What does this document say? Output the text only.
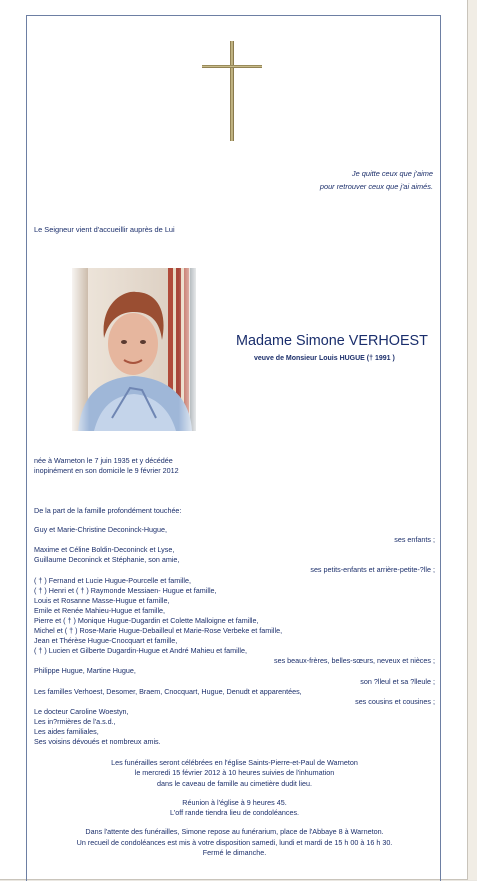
Je quitte ceux que j'aime
pour retrouver ceux que j'ai aimés.
Le Seigneur vient d'accueillir auprès de Lui
Madame Simone VERHOEST
veuve de Monsieur Louis HUGUE († 1991 )
née à Warneton le 7 juin 1935 et y décédée
inopinément en son domicile le 9 février 2012
De la part de la famille profondément touchée:
Guy et Marie-Christine Deconinck-Hugue,
ses enfants ;
Maxime et Céline Boldin-Deconinck et Lyse,
Guillaume Deconinck et Stéphanie, son amie,
ses petits-enfants et arrière-petite-?lle ;
( † ) Fernand et Lucie Hugue-Pourcelle et famille,
( † ) Henri et ( † ) Raymonde Messiaen- Hugue et famille,
Louis et Rosanne Masse-Hugue et famille,
Emile et Renée Mahieu-Hugue et famille,
Pierre et ( † ) Monique Hugue-Dugardin et Colette Malloigne et famille,
Michel et ( † ) Rose-Marie Hugue-Debailleul et Marie-Rose Verbeke et famille,
Jean et Thérèse Hugue-Cnocquart et famille,
( † ) Lucien et Gilberte Dugardin-Hugue et André Mahieu et famille,
ses beaux-frères, belles-sœurs, neveux et nièces ;
Philippe Hugue, Martine Hugue,
son ?lleul et sa ?lleule ;
Les familles Verhoest, Desomer, Braem, Cnocquart, Hugue, Denudt et apparentées,
ses cousins et cousines ;
Le docteur Caroline Woestyn,
Les in?rmières de l'a.s.d.,
Les aides familiales,
Ses voisins dévoués et nombreux amis.
Les funérailles seront célébrées en l'église Saints-Pierre-et-Paul de Warneton
le mercredi 15 février 2012 à 10 heures suivies de l'inhumation
dans le caveau de famille au cimetière dudit lieu.
Réunion à l'église à 9 heures 45.
L'off rande tiendra lieu de condoléances.
Dans l'attente des funérailles, Simone repose au funérarium, place de l'Abbaye 8 à Warneton.
Un recueil de condoléances est mis à votre disposition samedi, lundi et mardi de 15 h 00 à 16 h 30.
Fermé le dimanche.
